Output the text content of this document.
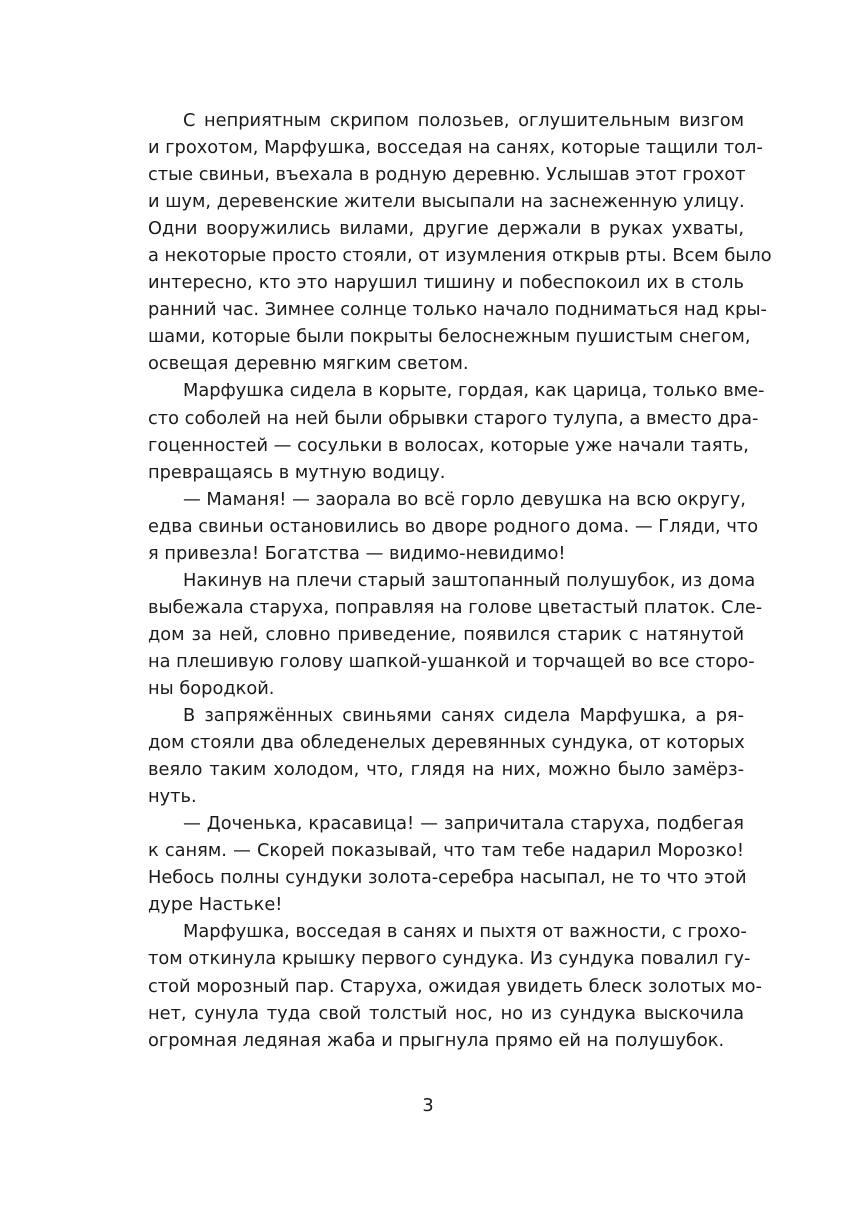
С неприятным скрипом полозьев, оглушительным визгом
и грохотом, Марфушка, восседая на санях, которые тащили тол-
стые свиньи, въехала в родную деревню. Услышав этот грохот
и шум, деревенские жители высыпали на заснеженную улицу.
Одни вооружились вилами, другие держали в руках ухваты,
а некоторые просто стояли, от изумления открыв рты. Всем было
интересно, кто это нарушил тишину и побеспокоил их в столь
ранний час. Зимнее солнце только начало подниматься над кры-
шами, которые были покрыты белоснежным пушистым снегом,
освещая деревню мягким светом.
Марфушка сидела в корыте, гордая, как царица, только вме-
сто соболей на ней были обрывки старого тулупа, а вместо дра-
гоценностей — сосульки в волосах, которые уже начали таять,
превращаясь в мутную водицу.
— Маманя! — заорала во всё горло девушка на всю округу,
едва свиньи остановились во дворе родного дома. — Гляди, что
я привезла! Богатства — видимо-невидимо!
Накинув на плечи старый заштопанный полушубок, из дома
выбежала старуха, поправляя на голове цветастый платок. Сле-
дом за ней, словно приведение, появился старик с натянутой
на плешивую голову шапкой-ушанкой и торчащей во все сторо-
ны бородкой.
В запряжённых свиньями санях сидела Марфушка, а ря-
дом стояли два обледенелых деревянных сундука, от которых
веяло таким холодом, что, глядя на них, можно было замёрз-
нуть.
— Доченька, красавица! — запричитала старуха, подбегая
к саням. — Скорей показывай, что там тебе надарил Морозко!
Небось полны сундуки золота-серебра насыпал, не то что этой
дуре Настьке!
Марфушка, восседая в санях и пыхтя от важности, с грохо-
том откинула крышку первого сундука. Из сундука повалил гу-
стой морозный пар. Старуха, ожидая увидеть блеск золотых мо-
нет, сунула туда свой толстый нос, но из сундука выскочила
огромная ледяная жаба и прыгнула прямо ей на полушубок.
3
